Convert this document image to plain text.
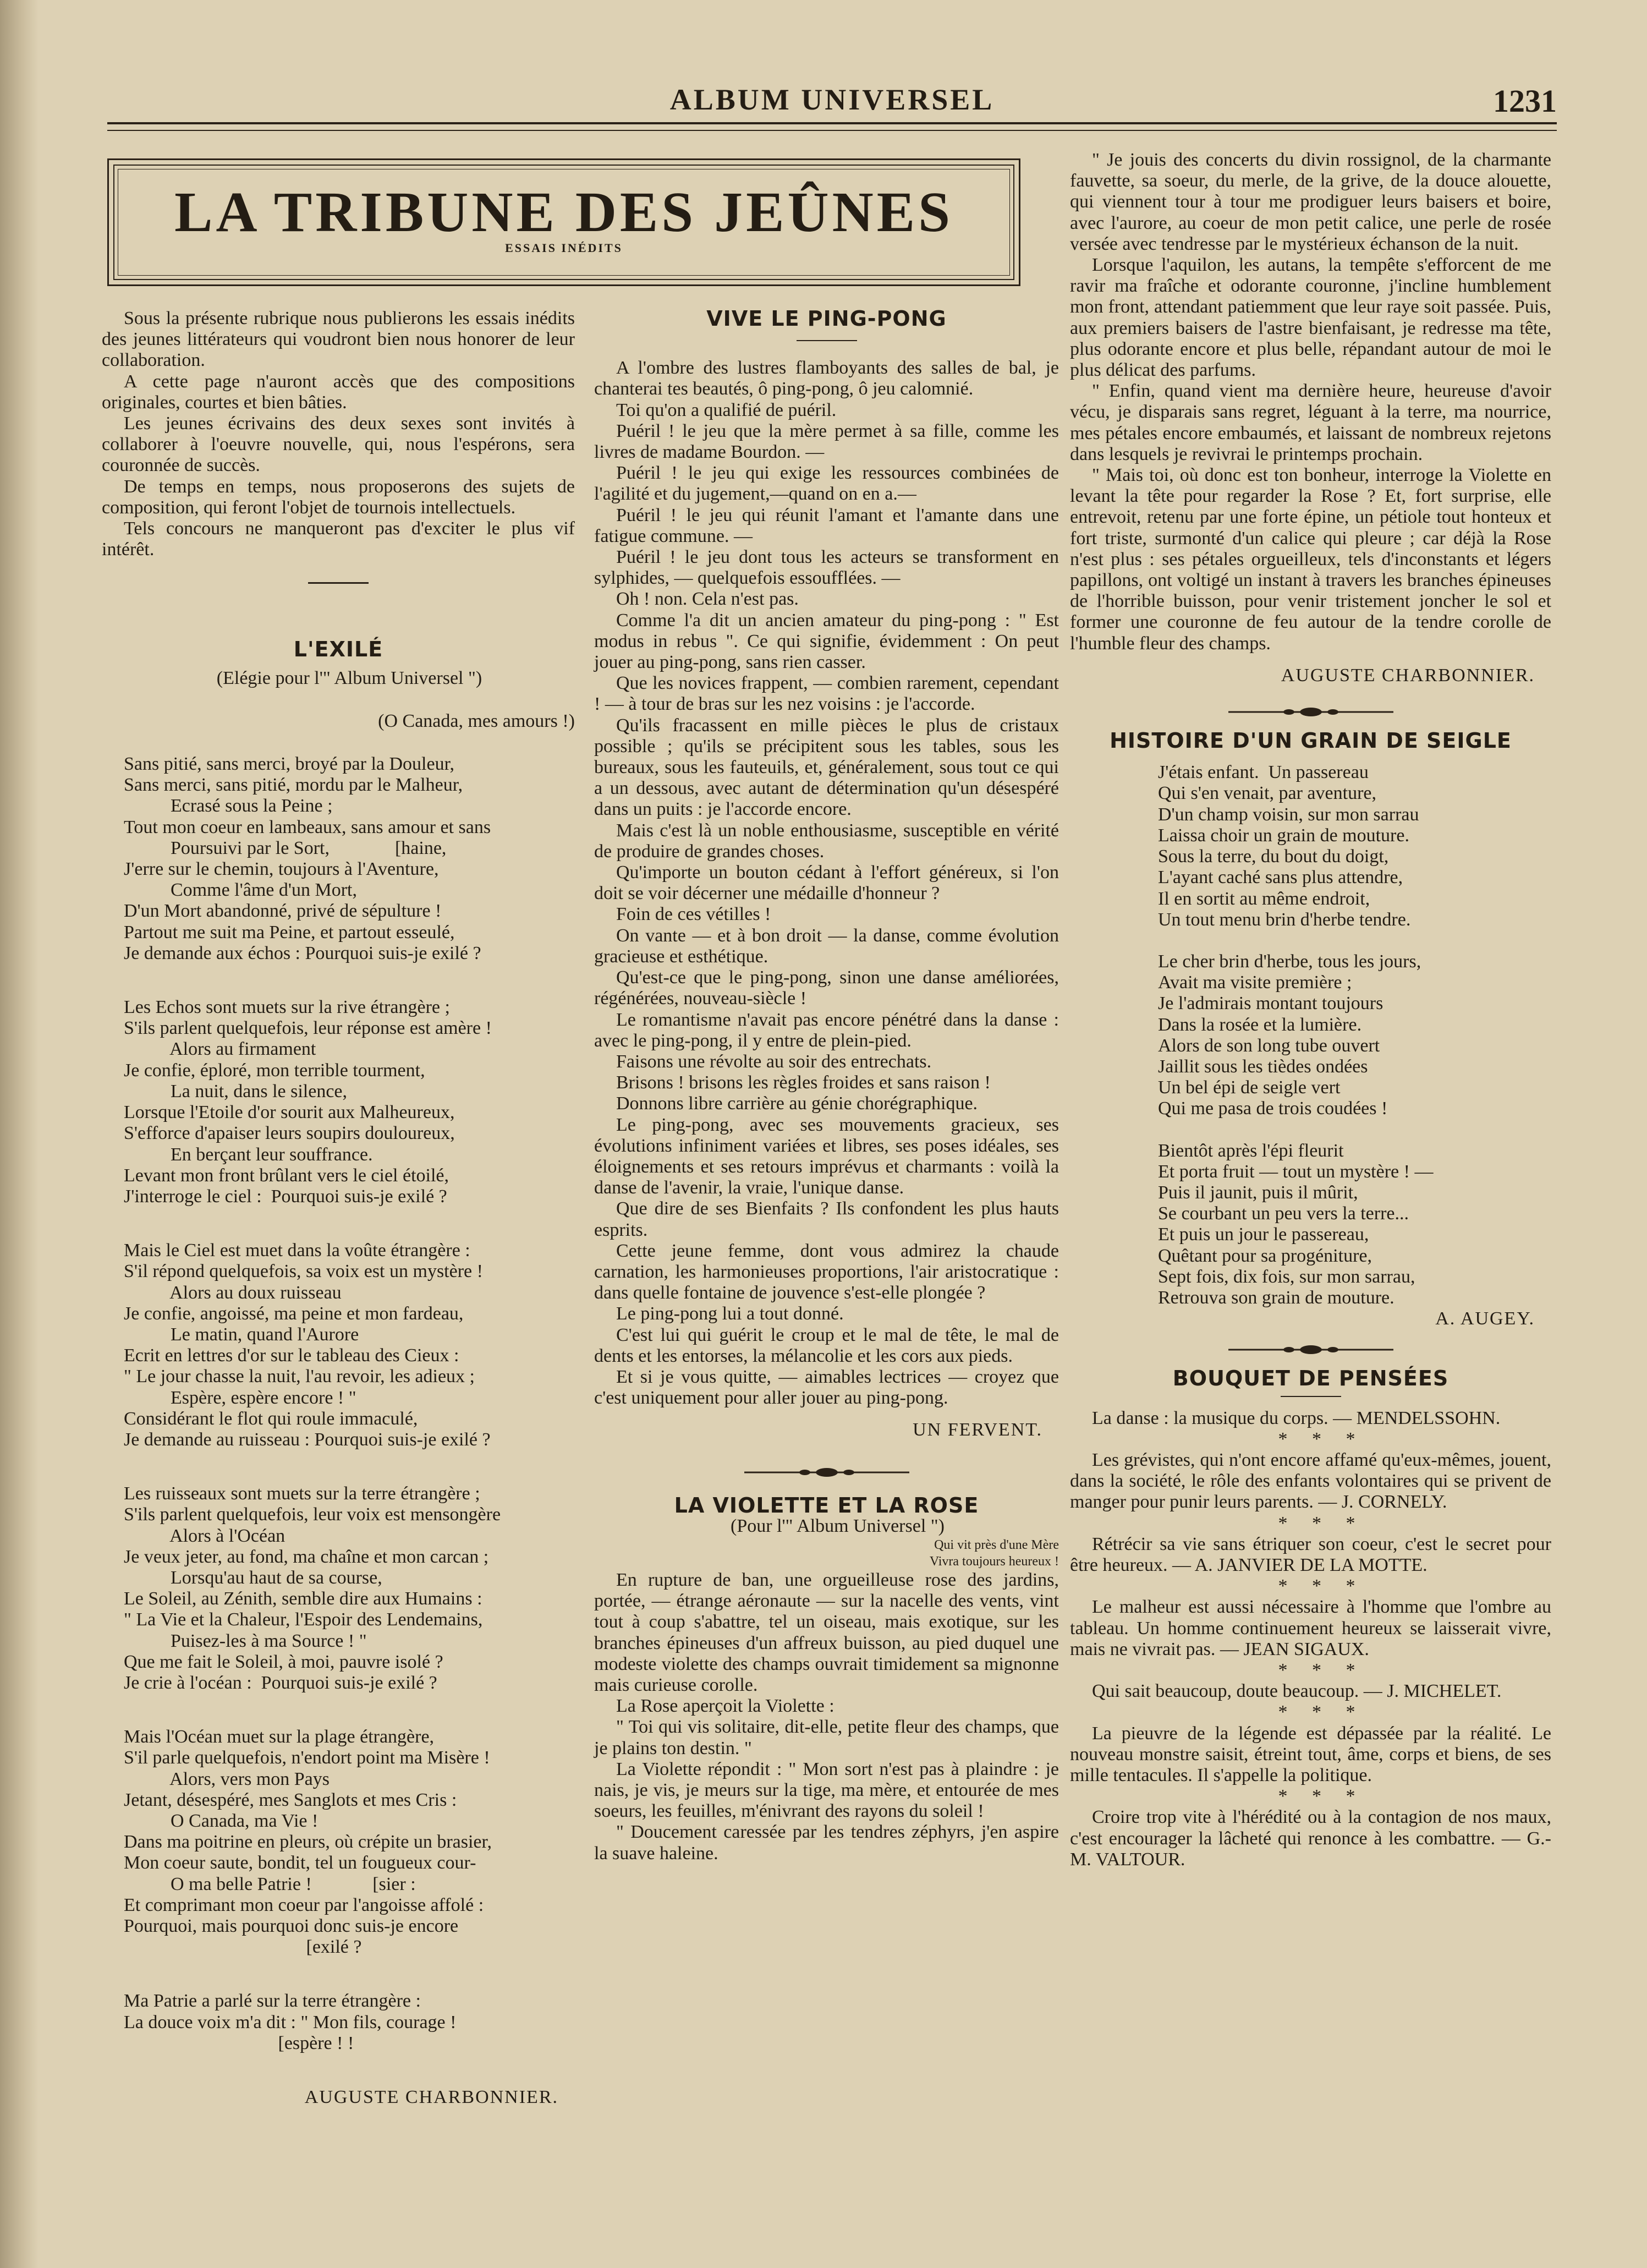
ALBUM UNIVERSEL	1231
LA TRIBUNE DES JEÛNES
ESSAIS INÉDITS

Sous la présente rubrique nous publierons les essais inédits des jeunes littérateurs qui voudront bien nous honorer de leur collaboration.

A cette page n'auront accès que des compositions originales, courtes et bien bâties.

Les jeunes écrivains des deux sexes sont invités à collaborer à l'oeuvre nouvelle, qui, nous l'espérons, sera couronnée de succès.

De temps en temps, nous proposerons des sujets de composition, qui feront l'objet de tournois intellectuels.

Tels concours ne manqueront pas d'exciter le plus vif intérêt.

L'EXILÉ

(Elégie pour l'" Album Universel ")

(O Canada, mes amours !)

Sans pitié, sans merci, broyé par la Douleur,

Sans merci, sans pitié, mordu par le Malheur,

Ecrasé sous la Peine ;

Tout mon coeur en lambeaux, sans amour et sans

Poursuivi par le Sort,              [haine,

J'erre sur le chemin, toujours à l'Aventure,

Comme l'âme d'un Mort,

D'un Mort abandonné, privé de sépulture !

Partout me suit ma Peine, et partout esseulé,

Je demande aux échos : Pourquoi suis-je exilé ?

Les Echos sont muets sur la rive étrangère ;

S'ils parlent quelquefois, leur réponse est amère !

Alors au firmament

Je confie, éploré, mon terrible tourment,

La nuit, dans le silence,

Lorsque l'Etoile d'or sourit aux Malheureux,

S'efforce d'apaiser leurs soupirs douloureux,

En berçant leur souffrance.

Levant mon front brûlant vers le ciel étoilé,

J'interroge le ciel :  Pourquoi suis-je exilé ?

Mais le Ciel est muet dans la voûte étrangère :

S'il répond quelquefois, sa voix est un mystère !

Alors au doux ruisseau

Je confie, angoissé, ma peine et mon fardeau,

Le matin, quand l'Aurore

Ecrit en lettres d'or sur le tableau des Cieux :

" Le jour chasse la nuit, l'au revoir, les adieux ;

Espère, espère encore ! "

Considérant le flot qui roule immaculé,

Je demande au ruisseau : Pourquoi suis-je exilé ?

Les ruisseaux sont muets sur la terre étrangère ;

S'ils parlent quelquefois, leur voix est mensongère

Alors à l'Océan

Je veux jeter, au fond, ma chaîne et mon carcan ;

Lorsqu'au haut de sa course,

Le Soleil, au Zénith, semble dire aux Humains :

" La Vie et la Chaleur, l'Espoir des Lendemains,

Puisez-les à ma Source ! "

Que me fait le Soleil, à moi, pauvre isolé ?

Je crie à l'océan :  Pourquoi suis-je exilé ?

Mais l'Océan muet sur la plage étrangère,

S'il parle quelquefois, n'endort point ma Misère !

Alors, vers mon Pays

Jetant, désespéré, mes Sanglots et mes Cris :

O Canada, ma Vie !

Dans ma poitrine en pleurs, où crépite un brasier,

Mon coeur saute, bondit, tel un fougueux cour-

O ma belle Patrie !             [sier :

Et comprimant mon coeur par l'angoisse affolé :

Pourquoi, mais pourquoi donc suis-je encore

[exilé ?

Ma Patrie a parlé sur la terre étrangère :

La douce voix m'a dit : " Mon fils, courage !

[espère ! !

AUGUSTE CHARBONNIER.

VIVE LE PING-PONG

A l'ombre des lustres flamboyants des salles de bal, je chanterai tes beautés, ô ping-pong, ô jeu calomnié.

Toi qu'on a qualifié de puéril.

Puéril ! le jeu que la mère permet à sa fille, comme les livres de madame Bourdon. —

Puéril ! le jeu qui exige les ressources combinées de l'agilité et du jugement,—quand on en a.—

Puéril ! le jeu qui réunit l'amant et l'amante dans une fatigue commune. —

Puéril ! le jeu dont tous les acteurs se transforment en sylphides, — quelquefois essoufflées. —

Oh ! non. Cela n'est pas.

Comme l'a dit un ancien amateur du ping-pong : " Est modus in rebus ". Ce qui signifie, évidemment : On peut jouer au ping-pong, sans rien casser.

Que les novices frappent, — combien rarement, cependant ! — à tour de bras sur les nez voisins : je l'accorde.

Qu'ils fracassent en mille pièces le plus de cristaux possible ; qu'ils se précipitent sous les tables, sous les bureaux, sous les fauteuils, et, généralement, sous tout ce qui a un dessous, avec autant de détermination qu'un désespéré dans un puits : je l'accorde encore.

Mais c'est là un noble enthousiasme, susceptible en vérité de produire de grandes choses.

Qu'importe un bouton cédant à l'effort généreux, si l'on doit se voir décerner une médaille d'honneur ?

Foin de ces vétilles !

On vante — et à bon droit — la danse, comme évolution gracieuse et esthétique.

Qu'est-ce que le ping-pong, sinon une danse améliorées, régénérées, nouveau-siècle !

Le romantisme n'avait pas encore pénétré dans la danse : avec le ping-pong, il y entre de plein-pied.

Faisons une révolte au soir des entrechats.

Brisons ! brisons les règles froides et sans raison !

Donnons libre carrière au génie chorégraphique.

Le ping-pong, avec ses mouvements gracieux, ses évolutions infiniment variées et libres, ses poses idéales, ses éloignements et ses retours imprévus et charmants : voilà la danse de l'avenir, la vraie, l'unique danse.

Que dire de ses Bienfaits ? Ils confondent les plus hauts esprits.

Cette jeune femme, dont vous admirez la chaude carnation, les harmonieuses proportions, l'air aristocratique : dans quelle fontaine de jouvence s'est-elle plongée ?

Le ping-pong lui a tout donné.

C'est lui qui guérit le croup et le mal de tête, le mal de dents et les entorses, la mélancolie et les cors aux pieds.

Et si je vous quitte, — aimables lectrices — croyez que c'est uniquement pour aller jouer au ping-pong.

UN FERVENT.

LA VIOLETTE ET LA ROSE

(Pour l'" Album Universel ")

Qui vit près d'une Mère
Vivra toujours heureux !

En rupture de ban, une orgueilleuse rose des jardins, portée, — étrange aéronaute — sur la nacelle des vents, vint tout à coup s'abattre, tel un oiseau, mais exotique, sur les branches épineuses d'un affreux buisson, au pied duquel une modeste violette des champs ouvrait timidement sa mignonne mais curieuse corolle.

La Rose aperçoit la Violette :

" Toi qui vis solitaire, dit-elle, petite fleur des champs, que je plains ton destin. "

La Violette répondit : " Mon sort n'est pas à plaindre : je nais, je vis, je meurs sur la tige, ma mère, et entourée de mes soeurs, les feuilles, m'énivrant des rayons du soleil !

" Doucement caressée par les tendres zéphyrs, j'en aspire la suave haleine.

" Je jouis des concerts du divin rossignol, de la charmante fauvette, sa soeur, du merle, de la grive, de la douce alouette, qui viennent tour à tour me prodiguer leurs baisers et boire, avec l'aurore, au coeur de mon petit calice, une perle de rosée versée avec tendresse par le mystérieux échanson de la nuit.

Lorsque l'aquilon, les autans, la tempête s'efforcent de me ravir ma fraîche et odorante couronne, j'incline humblement mon front, attendant patiemment que leur raye soit passée. Puis, aux premiers baisers de l'astre bienfaisant, je redresse ma tête, plus odorante encore et plus belle, répandant autour de moi le plus délicat des parfums.

" Enfin, quand vient ma dernière heure, heureuse d'avoir vécu, je disparais sans regret, léguant à la terre, ma nourrice, mes pétales encore embaumés, et laissant de nombreux rejetons dans lesquels je revivrai le printemps prochain.

" Mais toi, où donc est ton bonheur, interroge la Violette en levant la tête pour regarder la Rose ? Et, fort surprise, elle entrevoit, retenu par une forte épine, un pétiole tout honteux et fort triste, surmonté d'un calice qui pleure ; car déjà la Rose n'est plus : ses pétales orgueilleux, tels d'inconstants et légers papillons, ont voltigé un instant à travers les branches épineuses de l'horrible buisson, pour venir tristement joncher le sol et former une couronne de feu autour de la tendre corolle de l'humble fleur des champs.

AUGUSTE CHARBONNIER.

HISTOIRE D'UN GRAIN DE SEIGLE

J'étais enfant.  Un passereau

Qui s'en venait, par aventure,

D'un champ voisin, sur mon sarrau

Laissa choir un grain de mouture.

Sous la terre, du bout du doigt,

L'ayant caché sans plus attendre,

Il en sortit au même endroit,

Un tout menu brin d'herbe tendre.

Le cher brin d'herbe, tous les jours,

Avait ma visite première ;

Je l'admirais montant toujours

Dans la rosée et la lumière.

Alors de son long tube ouvert

Jaillit sous les tièdes ondées

Un bel épi de seigle vert

Qui me pasa de trois coudées !

Bientôt après l'épi fleurit

Et porta fruit — tout un mystère ! —

Puis il jaunit, puis il mûrit,

Se courbant un peu vers la terre...

Et puis un jour le passereau,

Quêtant pour sa progéniture,

Sept fois, dix fois, sur mon sarrau,

Retrouva son grain de mouture.

A. AUGEY.

BOUQUET DE PENSÉES

La danse : la musique du corps. — MENDELSSOHN.

* * *

Les grévistes, qui n'ont encore affamé qu'eux-mêmes, jouent, dans la société, le rôle des enfants volontaires qui se privent de manger pour punir leurs parents. — J. CORNELY.

* * *

Rétrécir sa vie sans étriquer son coeur, c'est le secret pour être heureux. — A. JANVIER DE LA MOTTE.

* * *

Le malheur est aussi nécessaire à l'homme que l'ombre au tableau. Un homme continuement heureux se laisserait vivre, mais ne vivrait pas. — JEAN SIGAUX.

* * *

Qui sait beaucoup, doute beaucoup. — J. MICHELET.

* * *

La pieuvre de la légende est dépassée par la réalité. Le nouveau monstre saisit, étreint tout, âme, corps et biens, de ses mille tentacules. Il s'appelle la politique.

* * *

Croire trop vite à l'hérédité ou à la contagion de nos maux, c'est encourager la lâcheté qui renonce à les combattre. — G.-M. VALTOUR.
